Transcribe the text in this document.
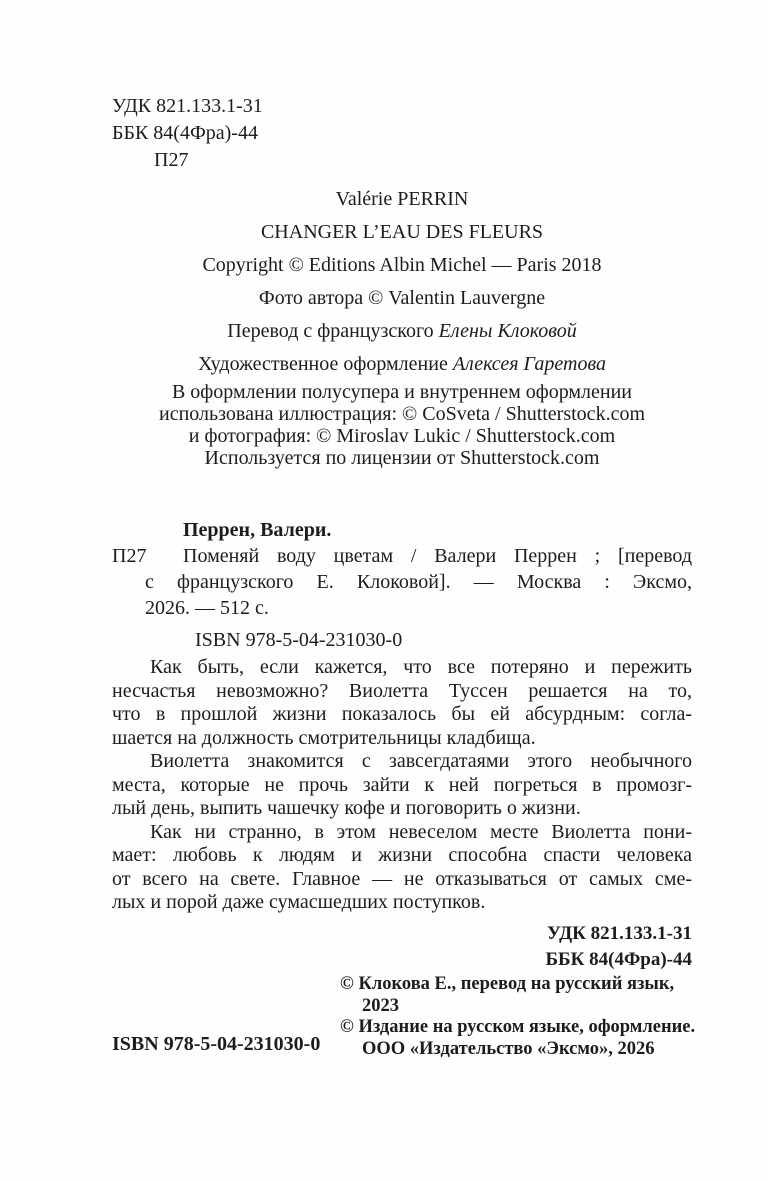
УДК 821.133.1-31
ББК 84(4Фра)-44
П27
Valérie PERRIN
CHANGER L’EAU DES FLEURS
Copyright © Editions Albin Michel — Paris 2018
Фото автора © Valentin Lauvergne
Перевод с французского Елены Клоковой
Художественное оформление Алексея Гаретова
В оформлении полусупера и внутреннем оформлении
использована иллюстрация: © CoSveta / Shutterstock.com
и фотография: © Miroslav Lukic / Shutterstock.com
Используется по лицензии от Shutterstock.com
П27
Перрен, Валери.
Поменяй воду цветам / Валери Перрен ; [перевод
с французского Е. Клоковой]. — Москва : Эксмо,
2026. — 512 с.
ISBN 978-5-04-231030-0
Как быть, если кажется, что все потеряно и пережить
несчастья невозможно? Виолетта Туссен решается на то,
что в прошлой жизни показалось бы ей абсурдным: согла-
шается на должность смотрительницы кладбища.
Виолетта знакомится с завсегдатаями этого необычного
места, которые не прочь зайти к ней погреться в промозг-
лый день, выпить чашечку кофе и поговорить о жизни.
Как ни странно, в этом невеселом месте Виолетта пони-
мает: любовь к людям и жизни способна спасти человека
от всего на свете. Главное — не отказываться от самых сме-
лых и порой даже сумасшедших поступков.
УДК 821.133.1-31
ББК 84(4Фра)-44
© Клокова Е., перевод на русский язык,
2023
© Издание на русском языке, оформление.
ООО «Издательство «Эксмо», 2026
ISBN 978-5-04-231030-0
